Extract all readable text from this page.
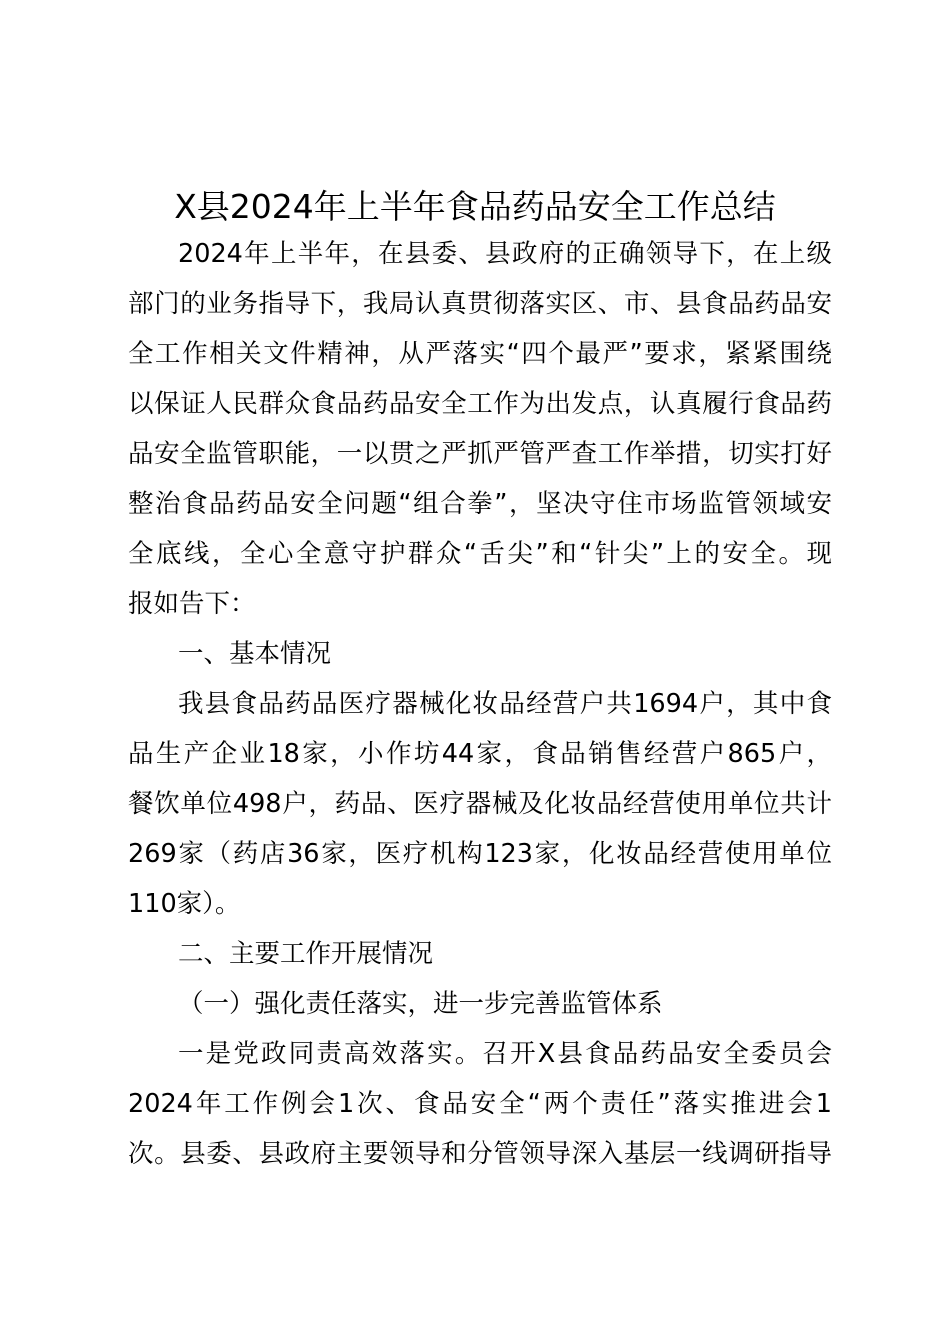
X县2024年上半年食品药品安全工作总结
2024年上半年，在县委、县政府的正确领导下，在上级
部门的业务指导下，我局认真贯彻落实区、市、县食品药品安
全工作相关文件精神，从严落实“四个最严”要求，紧紧围绕
以保证人民群众食品药品安全工作为出发点，认真履行食品药
品安全监管职能，一以贯之严抓严管严查工作举措，切实打好
整治食品药品安全问题“组合拳”，坚决守住市场监管领域安
全底线，全心全意守护群众“舌尖”和“针尖”上的安全。现
报如告下：
一、基本情况
我县食品药品医疗器械化妆品经营户共1694户，其中食
品生产企业18家，小作坊44家，食品销售经营户865户，
餐饮单位498户，药品、医疗器械及化妆品经营使用单位共计
269家（药店36家，医疗机构123家，化妆品经营使用单位
110家）。
二、主要工作开展情况
（一）强化责任落实，进一步完善监管体系
一是党政同责高效落实。召开X县食品药品安全委员会
2024年工作例会1次、食品安全“两个责任”落实推进会1
次。县委、县政府主要领导和分管领导深入基层一线调研指导
